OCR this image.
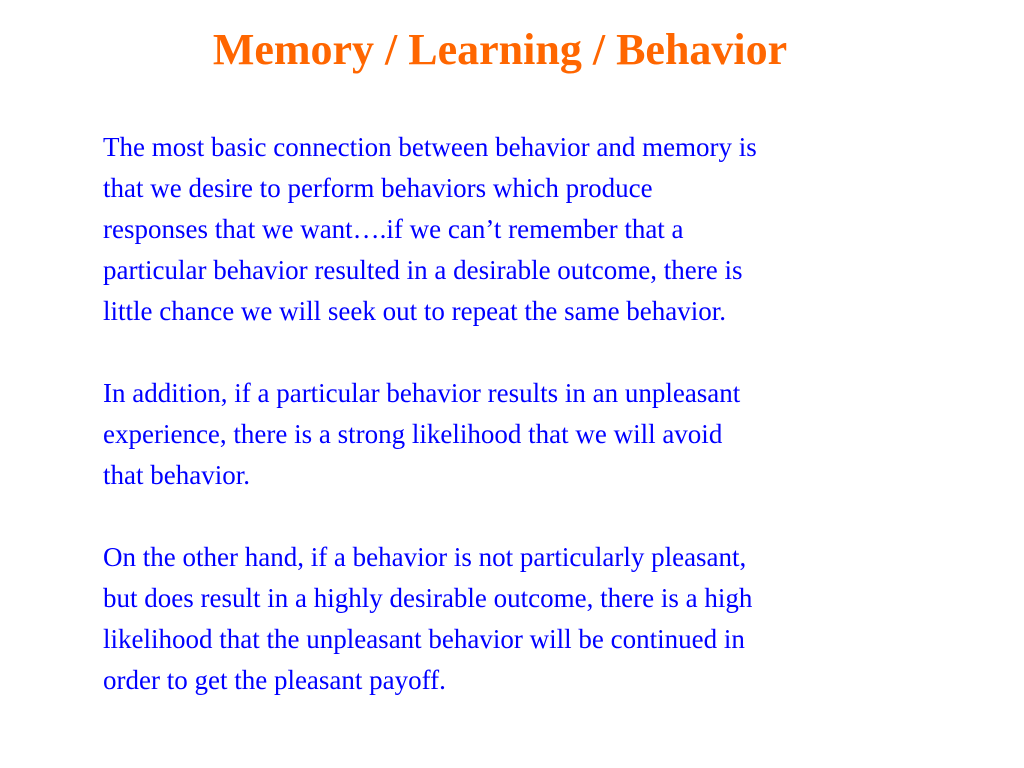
Memory / Learning / Behavior

The most basic connection between behavior and memory is
that we desire to perform behaviors which produce
responses that we want….if we can’t remember that a
particular behavior resulted in a desirable outcome, there is
little chance we will seek out to repeat the same behavior.

In addition, if a particular behavior results in an unpleasant
experience, there is a strong likelihood that we will avoid
that behavior.

On the other hand, if a behavior is not particularly pleasant,
but does result in a highly desirable outcome, there is a high
likelihood that the unpleasant behavior will be continued in
order to get the pleasant payoff.
